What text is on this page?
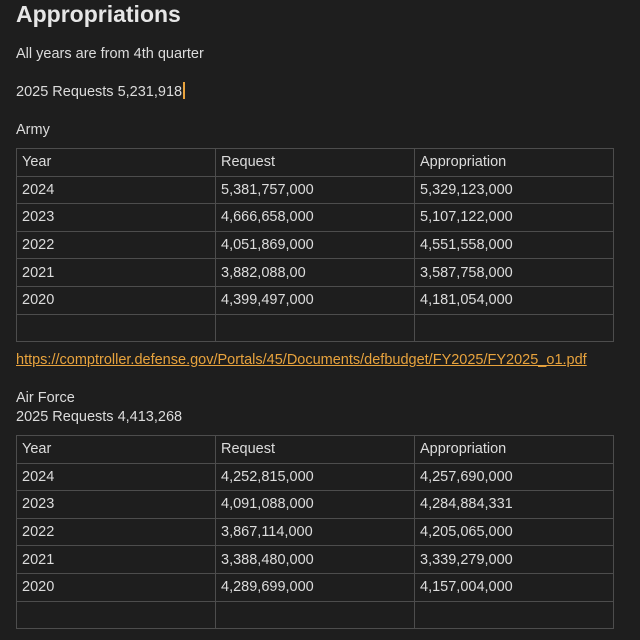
Appropriations
All years are from 4th quarter
2025 Requests 5,231,918
Army
Year	Request	Appropriation
2024	5,381,757,000	5,329,123,000
2023	4,666,658,000	5,107,122,000
2022	4,051,869,000	4,551,558,000
2021	3,882,088,00	3,587,758,000
2020	4,399,497,000	4,181,054,000

https://comptroller.defense.gov/Portals/45/Documents/defbudget/FY2025/FY2025_o1.pdf
Air Force
2025 Requests 4,413,268
Year	Request	Appropriation
2024	4,252,815,000	4,257,690,000
2023	4,091,088,000	4,284,884,331
2022	3,867,114,000	4,205,065,000
2021	3,388,480,000	3,339,279,000
2020	4,289,699,000	4,157,004,000
